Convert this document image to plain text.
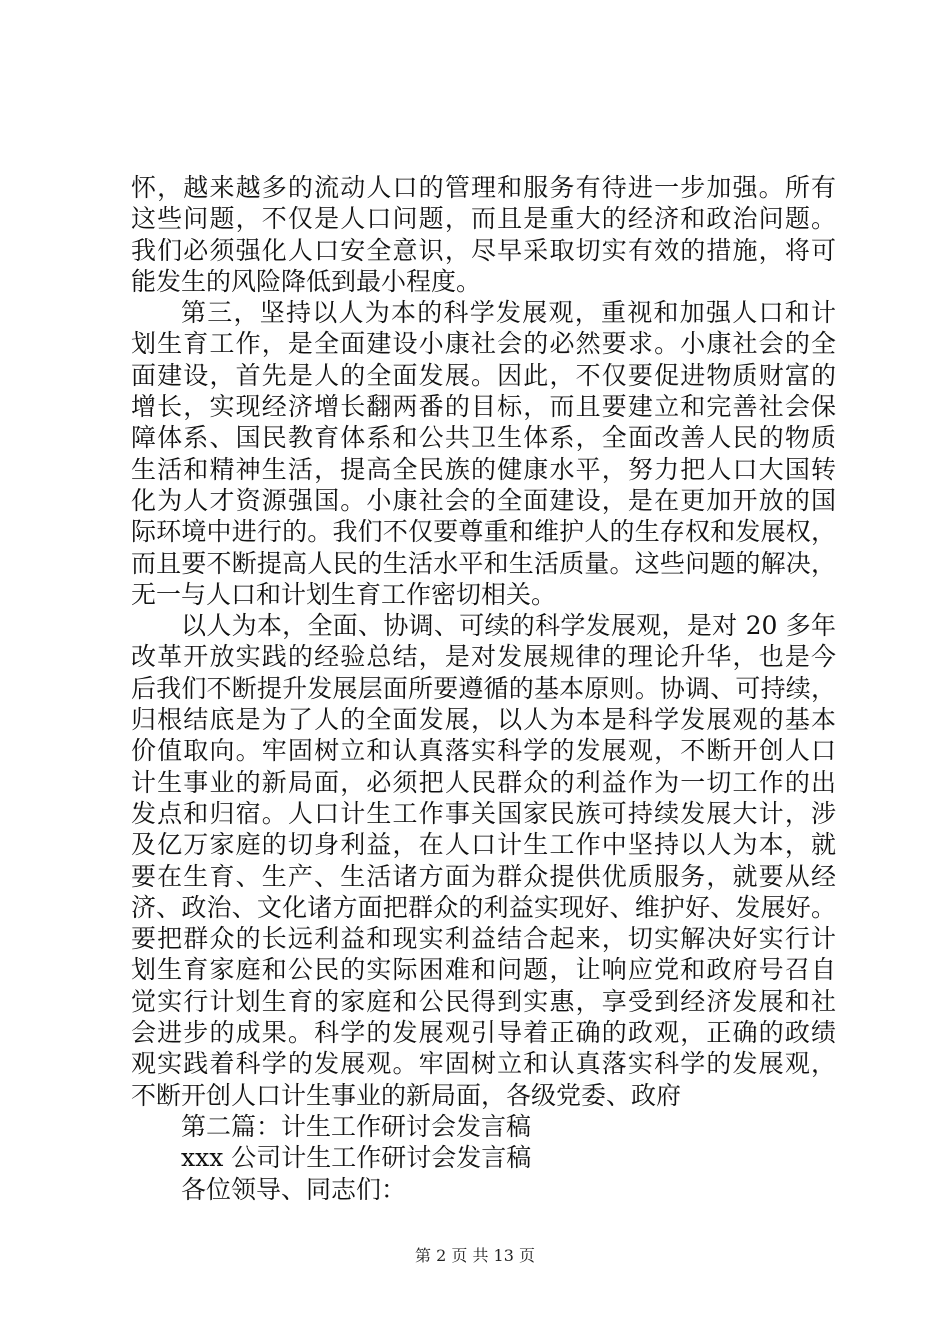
怀，越来越多的流动人口的管理和服务有待进一步加强。所有
这些问题，不仅是人口问题，而且是重大的经济和政治问题。
我们必须强化人口安全意识，尽早采取切实有效的措施，将可
能发生的风险降低到最小程度。
第三，坚持以人为本的科学发展观，重视和加强人口和计
划生育工作，是全面建设小康社会的必然要求。小康社会的全
面建设，首先是人的全面发展。因此，不仅要促进物质财富的
增长，实现经济增长翻两番的目标，而且要建立和完善社会保
障体系、国民教育体系和公共卫生体系，全面改善人民的物质
生活和精神生活，提高全民族的健康水平，努力把人口大国转
化为人才资源强国。小康社会的全面建设，是在更加开放的国
际环境中进行的。我们不仅要尊重和维护人的生存权和发展权，
而且要不断提高人民的生活水平和生活质量。这些问题的解决，
无一与人口和计划生育工作密切相关。
以人为本，全面、协调、可续的科学发展观，是对 20 多年
改革开放实践的经验总结，是对发展规律的理论升华，也是今
后我们不断提升发展层面所要遵循的基本原则。协调、可持续，
归根结底是为了人的全面发展，以人为本是科学发展观的基本
价值取向。牢固树立和认真落实科学的发展观，不断开创人口
计生事业的新局面，必须把人民群众的利益作为一切工作的出
发点和归宿。人口计生工作事关国家民族可持续发展大计，涉
及亿万家庭的切身利益，在人口计生工作中坚持以人为本，就
要在生育、生产、生活诸方面为群众提供优质服务，就要从经
济、政治、文化诸方面把群众的利益实现好、维护好、发展好。
要把群众的长远利益和现实利益结合起来，切实解决好实行计
划生育家庭和公民的实际困难和问题，让响应党和政府号召自
觉实行计划生育的家庭和公民得到实惠，享受到经济发展和社
会进步的成果。科学的发展观引导着正确的政观，正确的政绩
观实践着科学的发展观。牢固树立和认真落实科学的发展观，
不断开创人口计生事业的新局面，各级党委、政府
第二篇：计生工作研讨会发言稿
xxx 公司计生工作研讨会发言稿
各位领导、同志们：
第 2 页 共 13 页
